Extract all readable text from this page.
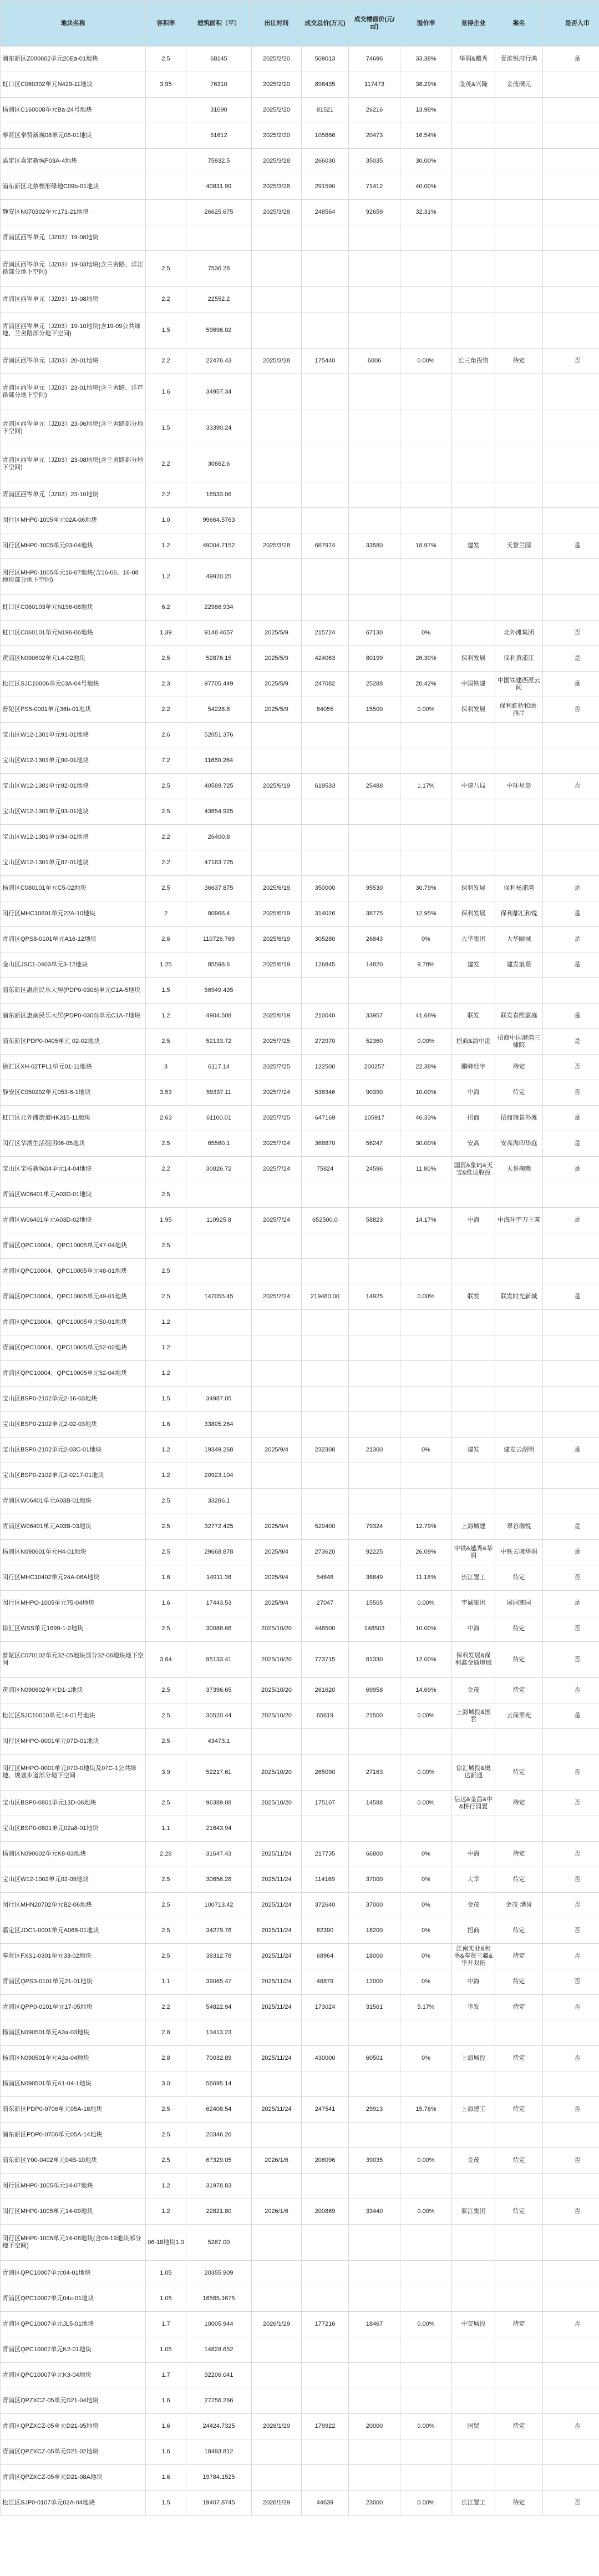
地块名称	容积率	建筑面积（平）	出让时间	成交总价(万元)	成交楼面价(元/㎡)	溢价率	竞得企业	案名	是否入市
浦东新区Z000602单元20Ea-01地块	2.5	68145	2025/2/20	509013	74696	33.38%	华润&越秀	壹滨悦府行鸿	是
虹口区C060302单元N429-11地块	3.95	76310	2025/2/20	896435	117473	38.29%	金茂&兴隆	金茂璞元	
杨浦区C160008单元Ba-24号地块		31090	2025/2/20	81521	26216	13.98%			
奉贤区奉贤新城08单元06-01地块		51612	2025/2/20	105666	20473	16.54%			
嘉定区嘉定新城F03A-4地块		75932.5	2025/3/28	266030	35035	30.00%			
浦东新区北蔡楔形绿地C09b-01地块		40831.99	2025/3/28	291590	71412	40.00%			
静安区N070302单元171-21地块		26625.675	2025/3/28	248564	92659	32.31%			
青浦区西岑单元（JZ03）19-08地块									
青浦区西岑单元（JZ03）19-03地块(含兰舍路、洋江路部分地下空间)	2.5	7536.28							
青浦区西岑单元（JZ03）19-08地块	2.2	22552.2							
青浦区西岑单元（JZ03）19-10地块(含19-09公共绿地、兰舍路部分地下空间)	1.5	59696.02							
青浦区西岑单元（JZ03）20-01地块	2.2	22476.43	2025/3/28	175440	6006	0.00%	长三角投资	待定	否
青浦区西岑单元（JZ03）23-01地块(含兰舍路、洋芦路部分地下空间)	1.6	34957.34							
青浦区西岑单元（JZ03）23-06地块(含兰舍路部分地下空间)	1.5	33390.24							
青浦区西岑单元（JZ03）23-08地块(含兰舍路部分地下空间)	2.2	30862.6							
青浦区西岑单元（JZ03）23-10地块	2.2	16533.06							
闵行区MHP0-1005单元02A-06地块	1.0	99664.5763							
闵行区MHP0-1005单元03-04地块	1.2	49004.7152	2025/3/28	667974	33580	18.97%	建发	天誉兰园	是
闵行区MHP0-1005单元16-07地块(含16-06、16-08地块部分地下空间)	1.2	49920.25							
虹口区C060103单元N196-08地块	6.2	22986.934							
虹口区C060101单元N196-06地块	1.39	9148.4657	2025/5/9	215724	67130	0%		北外滩集团	否
黄浦区N090602单元L4-02地块	2.5	52876.15	2025/5/9	424063	80199	26.30%	保利发展	保利黄浦江	是
松江区SJC10006单元03A-04号地块	2.3	97705.449	2025/5/9	247082	25288	20.42%	中国铁建	中国铁建西派云间	是
普陀区PS5-0001单元36b-01地块	2.2	54228.8	2025/5/9	84055	15500	0.00%	保利发展	保利虹桥和颂·西岸	否
宝山区W12-1301单元91-01地块	2.6	52051.376							
宝山区W12-1301单元90-01地块	7.2	11660.264							
宝山区W12-1301单元92-01地块	2.5	40589.725	2025/6/19	619533	25488	1.17%	中建八局	中环星岛	否
宝山区W12-1301单元93-01地块	2.5	43654.925							
宝山区W12-1301单元94-01地块	2.2	26400.8							
宝山区W12-1301单元87-01地块	2.2	47163.725							
杨浦区C080101单元C5-02地块	2.5	36637.875	2025/6/19	350000	95530	30.79%	保利发展	保利杨浦湾	是
闵行区MHC10601单元22A-10地块	2	80966.4	2025/6/19	314026	38775	12.95%	保利发展	保利都汇和悦	是
青浦区QPS8-0101单元A16-12地块	2.6	110726.769	2025/6/19	305280	26843	0%	大华集团	大华颐城	是
金山区JSC1-0403单元3-12地块	1.25	85598.6	2025/6/19	126845	14820	9.78%	建发	建发琅璟	是
浦东新区惠南民乐大居(PDP0-0306)单元C1A-5地块	1.5	56949.435							
浦东新区惠南民乐大居(PDP0-0306)单元C1A-7地块	1.2	4904.508	2025/6/19	210040	33957	41.68%	联发	联发春熙雲庭	是
浦东新区PDP0-0405单元 02-02地块	2.5	52133.72	2025/7/25	272970	52360	0.00%	招商&海中港	招商中国港湾三棣院	是
徐汇区XH-02TPL1单元01-11地块	3	6117.14	2025/7/25	122500	200257	22.38%	鹏峰经宇	待定	否
静安区C050202单元053-6-1地块	3.53	59337.11	2025/7/24	536346	90390	10.00%	中海	待定	否
虹口区北外滩街道HK315-11地块	2.63	61100.01	2025/7/25	647169	105917	46.33%	招商	招商雍景外滩	是
闵行区华漕生活组团06-05地块	2.5	65580.1	2025/7/24	368870	56247	30.00%	安高	安高海印华庭	是
宝山区宝杨新城04单元14-04地块	2.2	30826.72	2025/7/24	75824	24596	11.80%	国贸&象屿&天宝&维达股投	天誉掬燕	是
青浦区W06401单元A03D-01地块	2.5								
青浦区W06401单元A03D-02地块	1.95	110925.8	2025/7/24	652500.0	58823	14.17%	中海	中海环宇刀主案	是
青浦区QPC10004、QPC10005单元47-04地块	2.5								
青浦区QPC10004、QPC10005单元48-01地块	2.5								
青浦区QPC10004、QPC10005单元49-01地块	2.5	147055.45	2025/7/24	219480.00	14925	0.00%	联发	联发时光新城	是
青浦区QPC10004、QPC10005单元50-01地块	1.2								
青浦区QPC10004、QPC10005单元52-02地块	1.2								
青浦区QPC10004、QPC10005单元52-04地块	1.2								
宝山区BSP0-2102单元2-16-03地块	1.5	34987.05							
宝山区BSP0-2102单元2-02-03地块	1.6	33805.264							
宝山区BSP0-2102单元2-03C-01地块	1.2	19349.268	2025/9/4	232308	21300	0%	建发	建发云湖明	是
宝山区BSP0-2102单元2-0217-01地块	1.2	20923.104							
青浦区W06401单元A03B-01地块	2.5	33286.1							
青浦区W06401单元A03B-03地块	2.5	32772.425	2025/9/4	520400	79324	12.79%	上海城建	翠谷瑞悦	是
杨浦区N090601单元H4-01地块	2.5	29668.878	2025/9/4	273620	92225	26.09%	中铁&越秀&华润	中铁云境华润	是
闵行区MHC10402单元24A-06A地块	1.6	14911.36	2025/9/4	54648	36649	11.18%	长江置工	待定	否
闵行区MHPO-1005单元75-04地块	1.6	17443.53	2025/9/4	27047	15505	0.00%	宇诚集团	展园莲园	是
徐汇区WSS单元1699-1-2地块	2.5	30086.66	2025/10/20	446500	148503	10.00%	中海	待定	否
普陀区C070102单元32-05地块部分32-06地块地下空间	3.64	95133.41	2025/10/20	773715	81330	12.00%	保利发展&保利鑫金通境域	待定	否
黄浦区N090602单元D1-1地块	2.5	37396.65	2025/10/20	261620	69958	14.69%	金茂	待定	否
松江区SJC10010单元14-01号地块	2.5	30520.44	2025/10/20	65619	21500	0.00%	上海城投&国君	云间翠苑	是
闵行区MHPO-0001单元07D-01地块	2.5	43473.1							
闵行区MHPO-0001单元07D-0地块及07C-1公共绿地、规划步道部分地下空间	3.9	52217.61	2025/10/20	265090	27163	0.00%	徐汇城投&奥达新通	待定	否
宝山区BSP0-0801单元13D-06地块	2.5	96389.08	2025/10/20	175107	14588	0.00%	信达&金昌&中&桥行园置	待定	否
宝山区BSP0-0801单元02a8-01地块	1.1	21643.94							
杨浦区N090602单元K8-03地块	2.28	31647.43	2025/11/24	217735	66800	0%	中海	待定	否
宝山区W12-1002单元02-09地块	2.5	30656.28	2025/11/24	114169	37000	0%	大华	待定	否
闵行区MHN20702单元B2-06地块	2.5	100713.42	2025/11/24	372640	37000	0%	金茂	金茂·满誉	否
嘉定区JDC1-0001单元A068-01地块	2.5	34279.76	2025/11/24	62390	18200	0%	招商	待定	否
奉贤区FXS1-0301单元33-02地块	2.5	38312.78	2025/11/24	68964	18000	0%	江南实业&和季&奉贤三疆&华开双拓	待定	否
青浦区QPS3-0101单元21-01地块	1.1	39065.47	2025/11/24	46879	12000	0%	中海	待定	否
青浦区QPP0-0101单元17-05地块	2.2	54822.94	2025/11/24	173024	31561	5.17%	华发	待定	否
杨浦区N090501单元A3a-03地块	2.8	13413.23							
杨浦区N090501单元A3a-04地块	2.8	70032.89	2025/11/24	430000	60501	0%	上海城投	待定	否
杨浦区N090501单元A1-04-1地块	3.0	56695.14							
浦东新区PDP0-0706单元05A-18地块	2.5	62408.54	2025/11/24	247541	29913	15.76%	上海建工	待定	否
浦东新区PDP0-0706单元05A-14地块	2.5	20346.26							
浦东新区Y00-0402单元04B-10地块	2.5	67329.05	2026/1/6	206096	39035	0.00%	金茂	待定	否
闵行区MHP0-1005单元14-07地块	1.2	31978.83							
闵行区MHP0-1005单元14-09地块	1.2	22821.80	2026/1/6	200869	33440	0.00%	紫江集团	待定	否
闵行区MHP0-1005单元14-08地块(含06-19地块部分地下空间)	06-18地块1.0	5267.00							
青浦区QPC10007单元04-01地块	1.05	20355.909							
青浦区QPC10007单元04c-01地块	1.05	16565.1675							
青浦区QPC10007单元JL5-01地块	1.7	10005.944	2026/1/29	177216	18467	0.00%	中交城投	待定	否
青浦区QPC10007单元K2-01地块	1.05	14828.652							
青浦区QPC10007单元K3-04地块	1.7	32206.041							
青浦区QPZXCZ-05单元D21-04地块	1.6	27256.266							
青浦区QPZXCZ-05单元D21-05地块	1.6	24424.7325	2026/1/29	179922	20000	0.00%	国贸	待定	否
青浦区QPZXCZ-05单元D21-02地块	1.6	18493.812							
青浦区QPZXCZ-05单元D21-08A地块	1.6	19784.1525							
松江区SJP0-0107单元02A-04地块	1.5	19407.8745	2026/1/29	44639	23000	0.00%	长江置工	待定	否
